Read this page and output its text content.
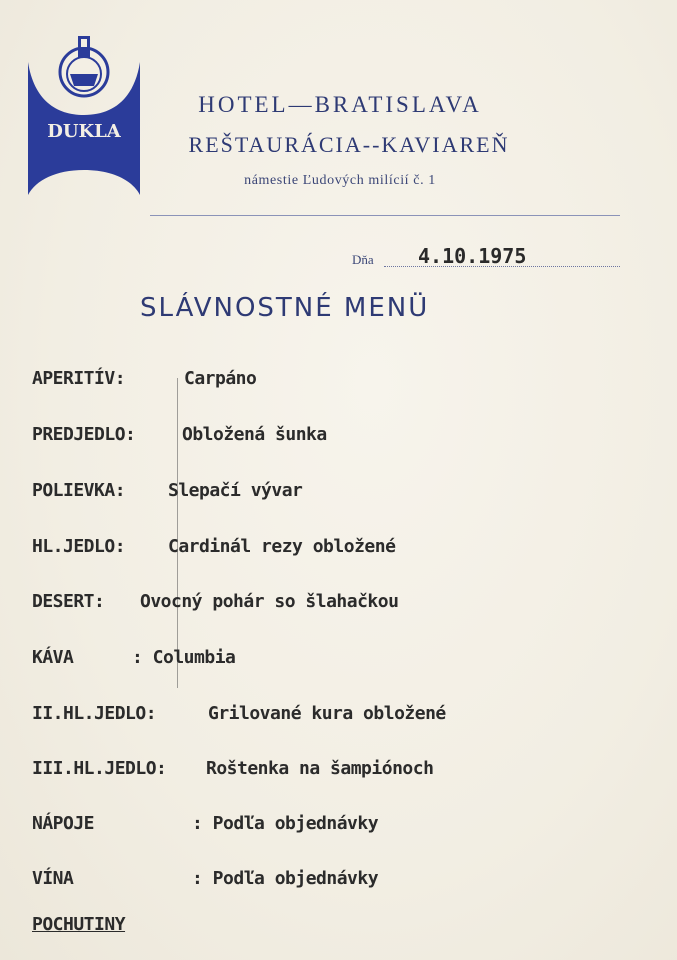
DUKLA
HOTEL—BRATISLAVA
REŠTAURÁCIA--KAVIAREŇ
námestie Ľudových milícií č. 1
Dňa 4.10.1975
SLÁVNOSTNÉ MENÜ
APERITÍV:	Carpáno
PREDJEDLO:	Obložená šunka
POLIEVKA: Slepačí vývar
HL.JEDLO: Cardinál rezy obložené
DESERT: Ovocný pohár so šlahačkou
KÁVA	: Columbia
II.HL.JEDLO:	Grilované kura obložené
III.HL.JEDLO: Roštenka na šampiónoch
NÁPOJE	: Podľa objednávky
VÍNA	: Podľa objednávky
POCHUTINY
